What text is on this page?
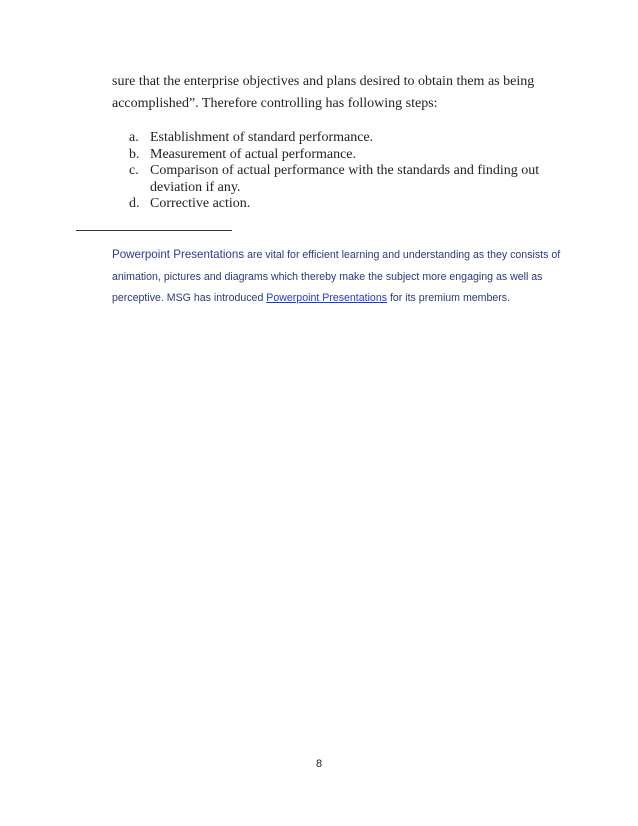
sure that the enterprise objectives and plans desired to obtain them as being
accomplished”. Therefore controlling has following steps:
a. Establishment of standard performance.
b. Measurement of actual performance.
c. Comparison of actual performance with the standards and finding out deviation if any.
d. Corrective action.
Powerpoint Presentations are vital for efficient learning and understanding as they consists of animation, pictures and diagrams which thereby make the subject more engaging as well as perceptive. MSG has introduced Powerpoint Presentations for its premium members.
8
